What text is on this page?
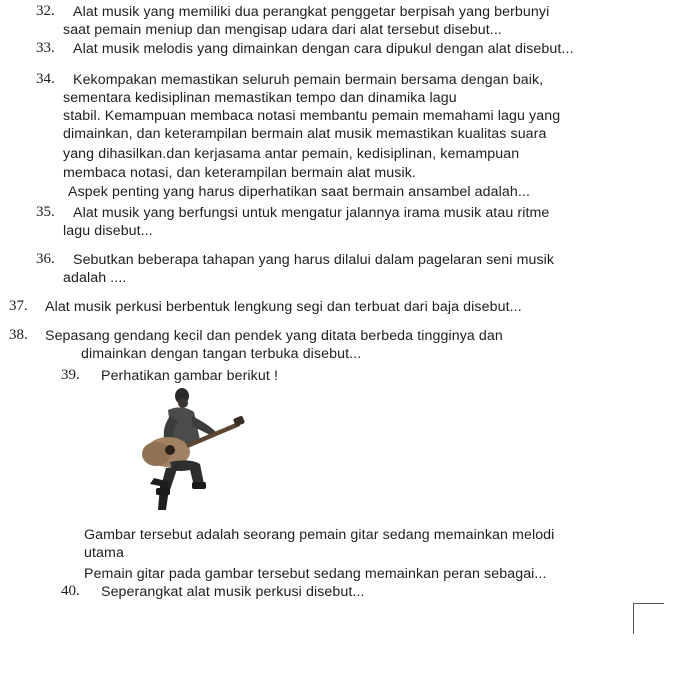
32. Alat musik yang memiliki dua perangkat penggetar berpisah yang berbunyi
saat pemain meniup dan mengisap udara dari alat tersebut disebut...
33. Alat musik melodis yang dimainkan dengan cara dipukul dengan alat disebut...
34. Kekompakan memastikan seluruh pemain bermain bersama dengan baik,
sementara kedisiplinan memastikan tempo dan dinamika lagu
stabil. Kemampuan membaca notasi membantu pemain memahami lagu yang
dimainkan, dan keterampilan bermain alat musik memastikan kualitas suara
yang dihasilkan.dan kerjasama antar pemain, kedisiplinan, kemampuan
membaca notasi, dan keterampilan bermain alat musik.
Aspek penting yang harus diperhatikan saat bermain ansambel adalah...
35. Alat musik yang berfungsi untuk mengatur jalannya irama musik atau ritme
lagu disebut...
36. Sebutkan beberapa tahapan yang harus dilalui dalam pagelaran seni musik
adalah ....
37. Alat musik perkusi berbentuk lengkung segi dan terbuat dari baja disebut...
38. Sepasang gendang kecil dan pendek yang ditata berbeda tingginya dan
dimainkan dengan tangan terbuka disebut...
39. Perhatikan gambar berikut !
Gambar tersebut adalah seorang pemain gitar sedang memainkan melodi
utama
Pemain gitar pada gambar tersebut sedang memainkan peran sebagai...
40. Seperangkat alat musik perkusi disebut...
